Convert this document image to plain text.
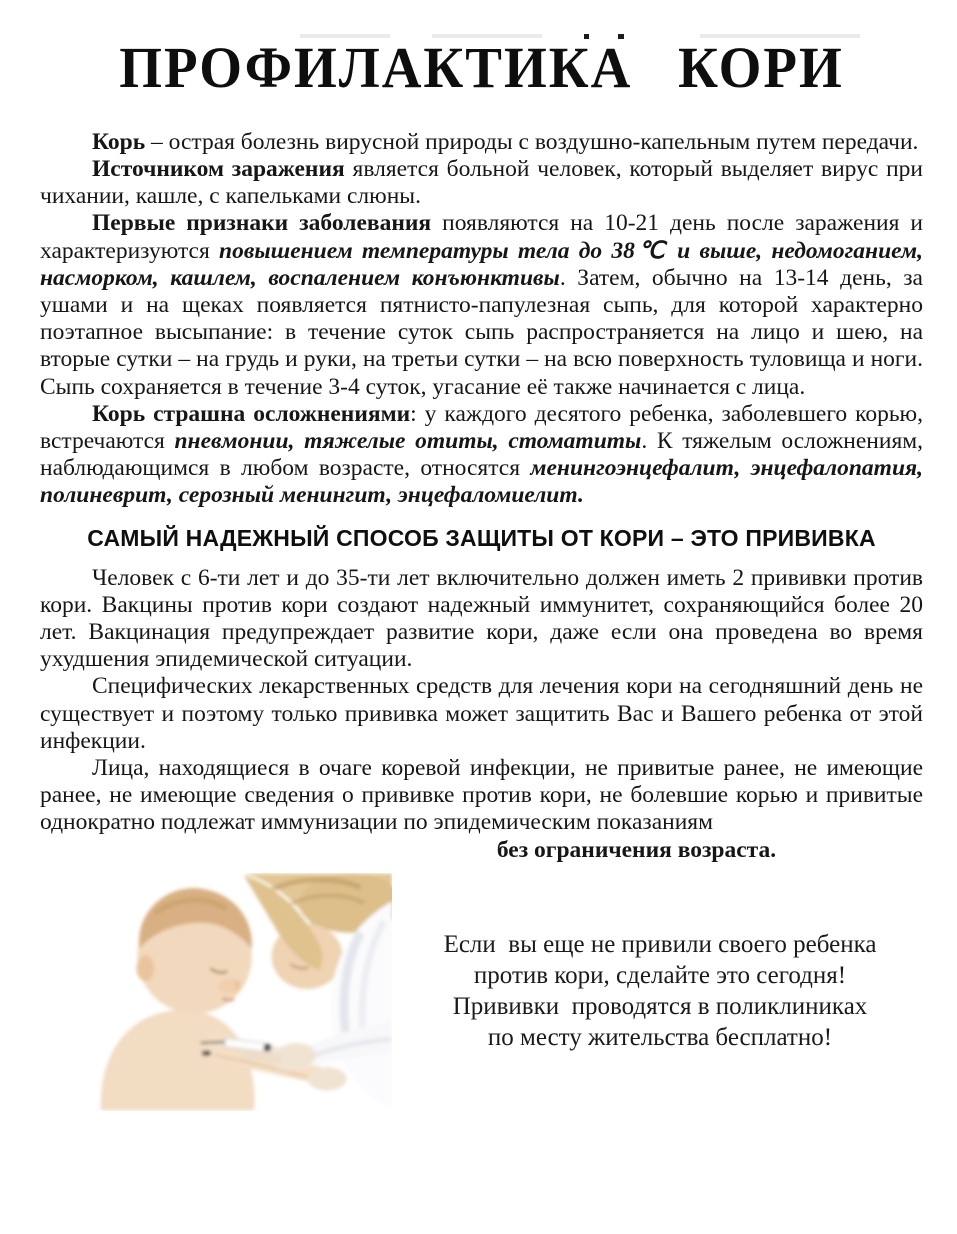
ПРОФИЛАКТИКА КОРИ

Корь – острая болезнь вирусной природы с воздушно-капельным путем передачи.

Источником заражения является больной человек, который выделяет вирус при чихании, кашле, с капельками слюны.

Первые признаки заболевания появляются на 10-21 день после заражения и характеризуются повышением температуры тела до 38℃ и выше, недомоганием, насморком, кашлем, воспалением конъюнктивы. Затем, обычно на 13-14 день, за ушами и на щеках появляется пятнисто-папулезная сыпь, для которой характерно поэтапное высыпание: в течение суток сыпь распространяется на лицо и шею, на вторые сутки – на грудь и руки, на третьи сутки – на всю поверхность туловища и ноги. Сыпь сохраняется в течение 3-4 суток, угасание её также начинается с лица.

Корь страшна осложнениями: у каждого десятого ребенка, заболевшего корью, встречаются пневмонии, тяжелые отиты, стоматиты. К тяжелым осложнениям, наблюдающимся в любом возрасте, относятся менингоэнцефалит, энцефалопатия, полиневрит, серозный менингит, энцефаломиелит.

САМЫЙ НАДЕЖНЫЙ СПОСОБ ЗАЩИТЫ ОТ КОРИ – ЭТО ПРИВИВКА

Человек с 6-ти лет и до 35-ти лет включительно должен иметь 2 прививки против кори. Вакцины против кори создают надежный иммунитет, сохраняющийся более 20 лет. Вакцинация предупреждает развитие кори, даже если она проведена во время ухудшения эпидемической ситуации.

Специфических лекарственных средств для лечения кори на сегодняшний день не существует и поэтому только прививка может защитить Вас и Вашего ребенка от этой инфекции.

Лица, находящиеся в очаге коревой инфекции, не привитые ранее, не имеющие ранее, не имеющие сведения о прививке против кори, не болевшие корью и привитые однократно подлежат иммунизации по эпидемическим показаниям

без ограничения возраста.
Если  вы еще не привили своего ребенка
против кори, сделайте это сегодня!
Прививки  проводятся в поликлиниках
по месту жительства бесплатно!
